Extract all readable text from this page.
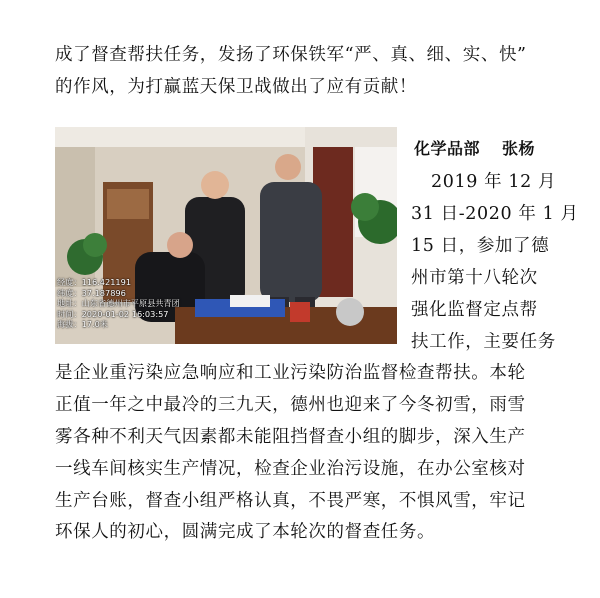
成了督查帮扶任务，发扬了环保铁军“严、真、细、实、快”
的作风，为打赢蓝天保卫战做出了应有贡献！
经度：116.421191
纬度：37.187896
地址：山东省德州市平原县共青团
时间：2020-01-02 16:03:57
海拔：17.0米
化学品部 张杨
2019 年 12 月
31 日-2020 年 1 月
15 日，参加了德
州市第十八轮次
强化监督定点帮
扶工作，主要任务
是企业重污染应急响应和工业污染防治监督检查帮扶。本轮
正值一年之中最冷的三九天，德州也迎来了今冬初雪，雨雪
雾各种不利天气因素都未能阻挡督查小组的脚步，深入生产
一线车间核实生产情况，检查企业治污设施，在办公室核对
生产台账，督查小组严格认真，不畏严寒，不惧风雪，牢记
环保人的初心，圆满完成了本轮次的督查任务。
